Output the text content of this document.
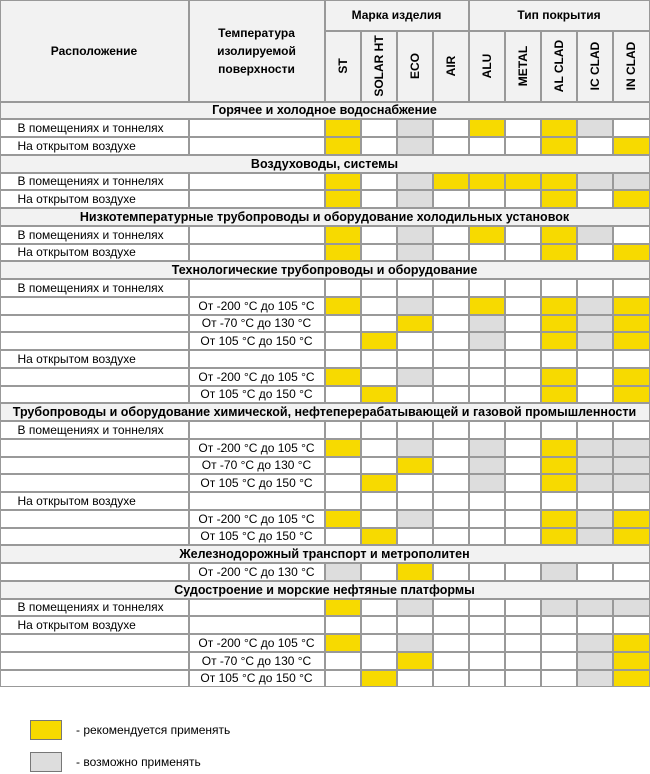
Расположение
Температура изолируемой поверхности
Марка изделия	Тип покрытия
ST SOLAR HT ECO AIR ALU METAL AL CLAD IC CLAD IN CLAD
Горячее и холодное водоснабжение
В помещениях и тоннелях
На открытом воздухе
Воздуховоды, системы
В помещениях и тоннелях
На открытом воздухе
Низкотемпературные трубопроводы и оборудование холодильных установок
В помещениях и тоннелях
На открытом воздухе
Технологические трубопроводы и оборудование
В помещениях и тоннелях
От -200 °С до 105 °С
От -70 °С до 130 °С
От 105 °С до 150 °С
На открытом воздухе
От -200 °С до 105 °С
От 105 °С до 150 °С
Трубопроводы и оборудование химической, нефтеперерабатывающей и газовой промышленности
В помещениях и тоннелях
От -200 °С до 105 °С
От -70 °С до 130 °С
От 105 °С до 150 °С
На открытом воздухе
От -200 °С до 105 °С
От 105 °С до 150 °С
Железнодорожный транспорт и метрополитен
От -200 °С до 130 °С
Судостроение и морские нефтяные платформы
В помещениях и тоннелях
На открытом воздухе
От -200 °С до 105 °С
От -70 °С до 130 °С
От 105 °С до 150 °С
- рекомендуется применять
- возможно применять
